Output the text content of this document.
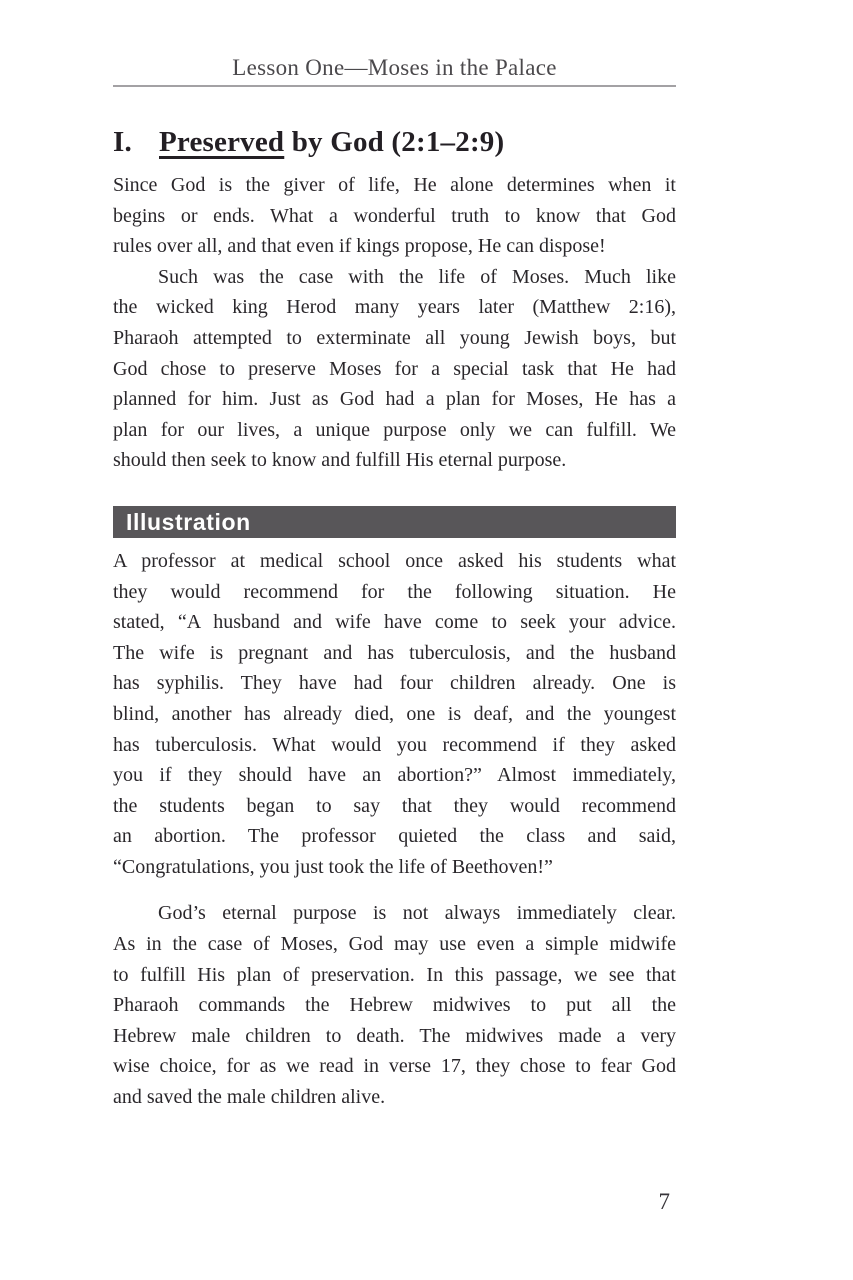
Lesson One—Moses in the Palace
I. Preserved by God (2:1–2:9)
Since God is the giver of life, He alone determines when it
begins or ends. What a wonderful truth to know that God
rules over all, and that even if kings propose, He can dispose!
Such was the case with the life of Moses. Much like
the wicked king Herod many years later (Matthew 2:16),
Pharaoh attempted to exterminate all young Jewish boys, but
God chose to preserve Moses for a special task that He had
planned for him. Just as God had a plan for Moses, He has a
plan for our lives, a unique purpose only we can fulfill. We
should then seek to know and fulfill His eternal purpose.
Illustration
A professor at medical school once asked his students what
they would recommend for the following situation. He
stated, “A husband and wife have come to seek your advice.
The wife is pregnant and has tuberculosis, and the husband
has syphilis. They have had four children already. One is
blind, another has already died, one is deaf, and the youngest
has tuberculosis. What would you recommend if they asked
you if they should have an abortion?” Almost immediately,
the students began to say that they would recommend
an abortion. The professor quieted the class and said,
“Congratulations, you just took the life of Beethoven!”
God’s eternal purpose is not always immediately clear.
As in the case of Moses, God may use even a simple midwife
to fulfill His plan of preservation. In this passage, we see that
Pharaoh commands the Hebrew midwives to put all the
Hebrew male children to death. The midwives made a very
wise choice, for as we read in verse 17, they chose to fear God
and saved the male children alive.
7
